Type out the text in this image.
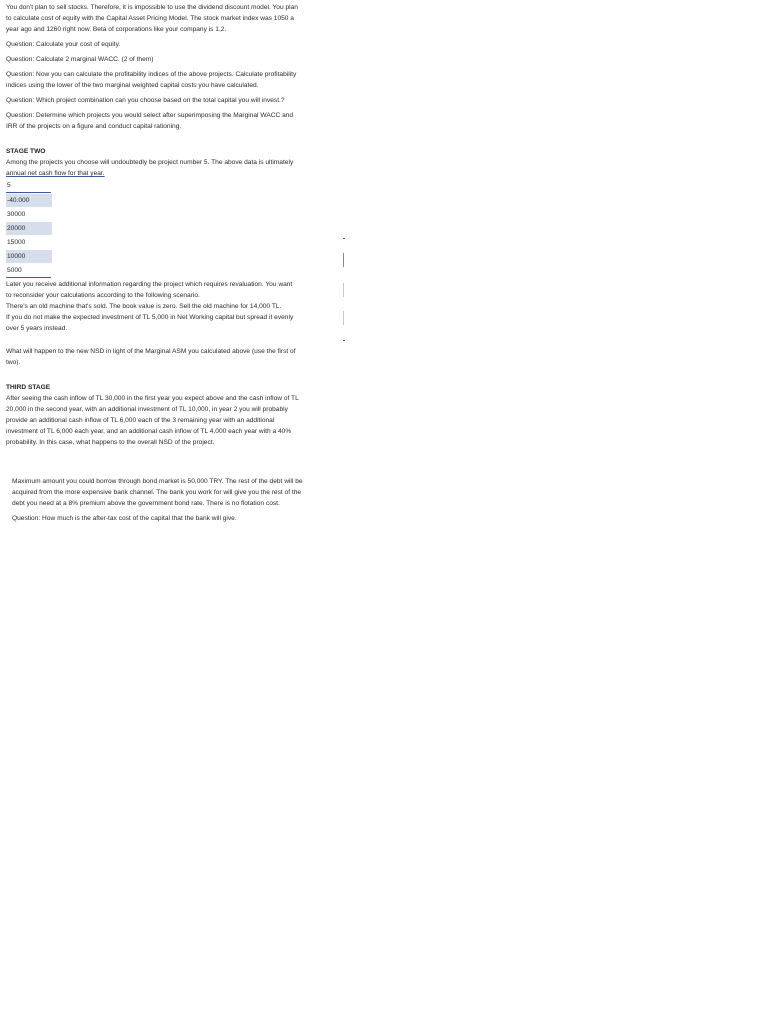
You don't plan to sell stocks. Therefore, it is impossible to use the dividend discount model. You plan
to calculate cost of equity with the Capital Asset Pricing Model. The stock market index was 1050 a
year ago and 1260 right now. Beta of corporations like your company is 1,2.
Question: Calculate your cost of equity.
Question: Calculate 2 marginal WACC. (2 of them)
Question: Now you can calculate the profitability indices of the above projects. Calculate profitability
indices using the lower of the two marginal weighted capital costs you have calculated.
Question: Which project combination can you choose based on the total capital you will invest.?
Question: Determine which projects you would select after superimposing the Marginal WACC and
IRR of the projects on a figure and conduct capital rationing.
STAGE TWO
Among the projects you choose will undoubtedly be project number 5. The above data is ultimately
annual net cash flow for that year.
5
-40.000
30000
20000
15000
10000
5000
Later you receive additional information regarding the project which requires revaluation. You want
to reconsider your calculations according to the following scenario.
There's an old machine that's sold. The book value is zero. Sell the old machine for 14,000 TL.
If you do not make the expected investment of TL 5,000 in Net Working capital but spread it evenly
over 5 years instead.
What will happen to the new NSD in light of the Marginal ASM you calculated above (use the first of
two).
THIRD STAGE
After seeing the cash inflow of TL 30,000 in the first year you expect above and the cash inflow of TL
20,000 in the second year, with an additional investment of TL 10,000, in year 2 you will probably
provide an additional cash inflow of TL 6,000 each of the 3 remaining year with an additional
investment of TL 6,000 each year, and an additional cash inflow of TL 4,000 each year with a 40%
probability. In this case, what happens to the overall NSD of the project.
Maximum amount you could borrow through bond market is 50,000 TRY. The rest of the debt will be
acquired from the more expensive bank channel. The bank you work for will give you the rest of the
debt you need at a 8% premium above the government bond rate. There is no flotation cost.
Question: How much is the after-tax cost of the capital that the bank will give.
